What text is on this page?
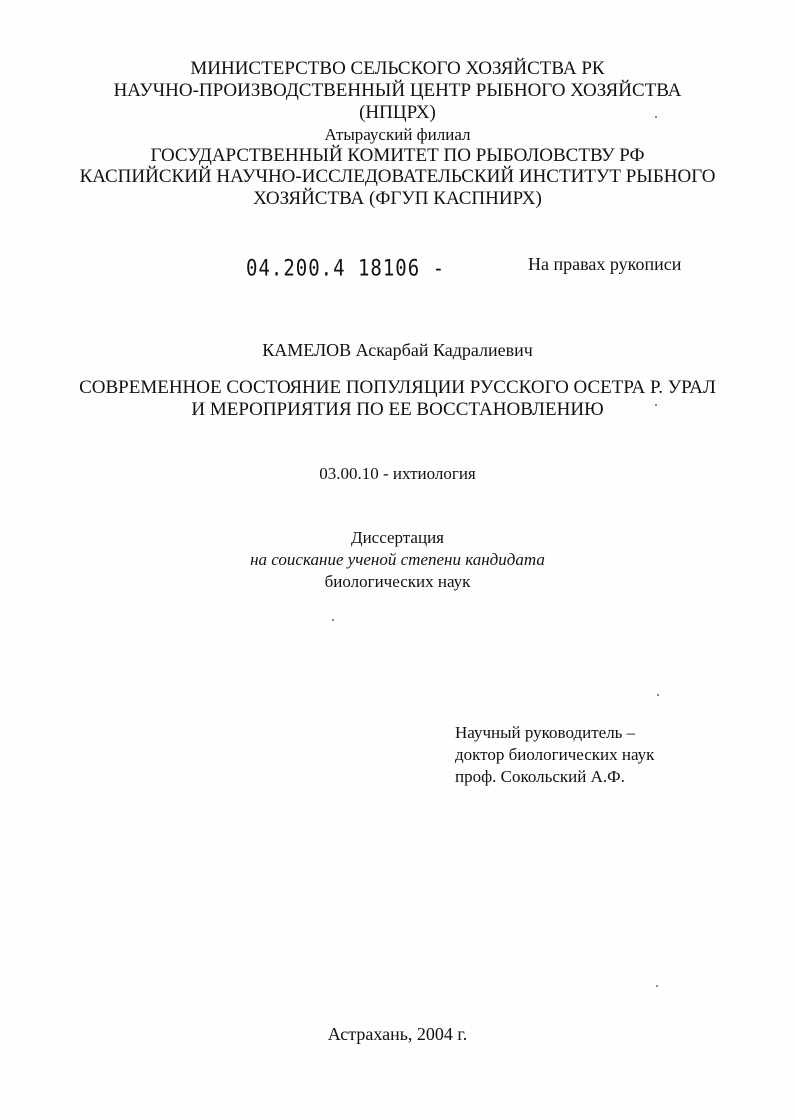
МИНИСТЕРСТВО СЕЛЬСКОГО ХОЗЯЙСТВА РК
НАУЧНО-ПРОИЗВОДСТВЕННЫЙ ЦЕНТР РЫБНОГО ХОЗЯЙСТВА
(НПЦРХ)
Атырауский филиал
ГОСУДАРСТВЕННЫЙ КОМИТЕТ ПО РЫБОЛОВСТВУ РФ
КАСПИЙСКИЙ НАУЧНО-ИССЛЕДОВАТЕЛЬСКИЙ ИНСТИТУТ РЫБНОГО
ХОЗЯЙСТВА (ФГУП КАСПНИРХ)
04.200.4 18106 -	На правах рукописи
КАМЕЛОВ Аскарбай Кадралиевич
СОВРЕМЕННОЕ СОСТОЯНИЕ ПОПУЛЯЦИИ РУССКОГО ОСЕТРА Р. УРАЛ
И МЕРОПРИЯТИЯ ПО ЕЕ ВОССТАНОВЛЕНИЮ
03.00.10 - ихтиология
Диссертация
на соискание ученой степени кандидата
биологических наук
Научный руководитель –
доктор биологических наук
проф. Сокольский А.Ф.
Астрахань, 2004 г.
